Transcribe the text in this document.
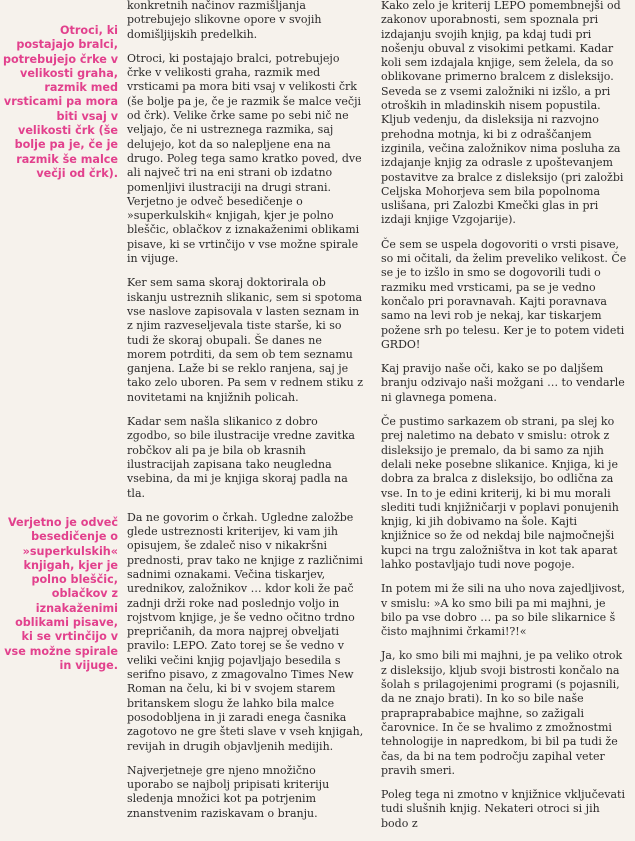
Otroci, ki postajajo bralci, potrebujejo črke v velikosti graha, razmik med vrsticami pa mora biti vsaj v velikosti črk (še bolje pa je, če je razmik še malce večji od črk).

Verjetno je odveč besedičenje o »superkulskih« knjigah, kjer je polno bleščic, oblačkov z iznakaženimi oblikami pisave, ki se vrtinčijo v vse možne spirale in vijuge.

konkretnih načinov razmišljanja potrebujejo slikovne opore v svojih domišljijskih predelkih.

Otroci, ki postajajo bralci, potrebujejo črke v velikosti graha, razmik med vrsticami pa mora biti vsaj v velikosti črk (še bolje pa je, če je razmik še malce večji od črk). Velike črke same po sebi nič ne veljajo, če ni ustreznega razmika, saj delujejo, kot da so nalepljene ena na drugo. Poleg tega samo kratko poved, dve ali največ tri na eni strani ob izdatno pomenljivi ilustraciji na drugi strani. Verjetno je odveč besedičenje o »superkulskih« knjigah, kjer je polno bleščic, oblačkov z iznakaženimi oblikami pisave, ki se vrtinčijo v vse možne spirale in vijuge.

Ker sem sama skoraj doktorirala ob iskanju ustreznih slikanic, sem si spotoma vse naslove zapisovala v lasten seznam in z njim razveseljevala tiste starše, ki so tudi že skoraj obupali. Še danes ne morem potrditi, da sem ob tem seznamu ganjena. Laže bi se reklo ranjena, saj je tako zelo uboren. Pa sem v rednem stiku z novitetami na knjižnih policah.

Kadar sem našla slikanico z dobro zgodbo, so bile ilustracije vredne zavitka robčkov ali pa je bila ob krasnih ilustracijah zapisana tako neugledna vsebina, da mi je knjiga skoraj padla na tla.

Da ne govorim o črkah. Ugledne založbe glede ustreznosti kriterijev, ki vam jih opisujem, še zdaleč niso v nikakršni prednosti, prav tako ne knjige z različnimi sadnimi oznakami. Večina tiskarjev, urednikov, založnikov … kdor koli že pač zadnji drži roke nad poslednjo voljo in rojstvom knjige, je še vedno očitno trdno prepričanih, da mora najprej obveljati pravilo: LEPO. Zato torej se še vedno v veliki večini knjig pojavljajo besedila s serifno pisavo, z zmagovalno Times New Roman na čelu, ki bi v svojem starem britanskem slogu že lahko bila malce posodobljena in ji zaradi enega časnika zagotovo ne gre šteti slave v vseh knjigah, revijah in drugih objavljenih medijih.

Najverjetneje gre njeno množično uporabo se najbolj pripisati kriteriju sledenja množici kot pa potrjenim znanstvenim raziskavam o branju.

Kako zelo je kriterij LEPO pomembnejši od zakonov uporabnosti, sem spoznala pri izdajanju svojih knjig, pa kdaj tudi pri nošenju obuval z visokimi petkami. Kadar koli sem izdajala knjige, sem želela, da so oblikovane primerno bralcem z disleksijo. Seveda se z vsemi založniki ni izšlo, a pri otroških in mladinskih nisem popustila. Kljub vedenju, da disleksija ni razvojno prehodna motnja, ki bi z odraščanjem izginila, večina založnikov nima posluha za izdajanje knjig za odrasle z upoštevanjem postavitve za bralce z disleksijo (pri založbi Celjska Mohorjeva sem bila popolnoma uslišana, pri Zalozbi Kmečki glas in pri izdaji knjige Vzgojarije).

Če sem se uspela dogovoriti o vrsti pisave, so mi očitali, da želim preveliko velikost. Če se je to izšlo in smo se dogovorili tudi o razmiku med vrsticami, pa se je vedno končalo pri poravnavah. Kajti poravnava samo na levi rob je nekaj, kar tiskarjem požene srh po telesu. Ker je to potem videti GRDO!

Kaj pravijo naše oči, kako se po daljšem branju odzivajo naši možgani … to vendarle ni glavnega pomena.

Če pustimo sarkazem ob strani, pa slej ko prej naletimo na debato v smislu: otrok z disleksijo je premalo, da bi samo za njih delali neke posebne slikanice. Knjiga, ki je dobra za bralca z disleksijo, bo odlična za vse. In to je edini kriterij, ki bi mu morali slediti tudi knjižničarji v poplavi ponujenih knjig, ki jih dobivamo na šole. Kajti knjižnice so že od nekdaj bile najmočnejši kupci na trgu založništva in kot tak aparat lahko postavljajo tudi nove pogoje.

In potem mi že sili na uho nova zajedljivost, v smislu: »A ko smo bili pa mi majhni, je bilo pa vse dobro … pa so bile slikarnice š čisto majhnimi črkami!?!«

Ja, ko smo bili mi majhni, je pa veliko otrok z disleksijo, kljub svoji bistrosti končalo na šolah s prilagojenimi programi (s pojasnili, da ne znajo brati). In ko so bile naše prapraprababice majhne, so zažigali čarovnice. In če se hvalimo z zmožnostmi tehnologije in napredkom, bi bil pa tudi že čas, da bi na tem področju zapihal veter pravih smeri.

Poleg tega ni zmotno v knjižnice vključevati tudi slušnih knjig. Nekateri otroci si jih bodo z
